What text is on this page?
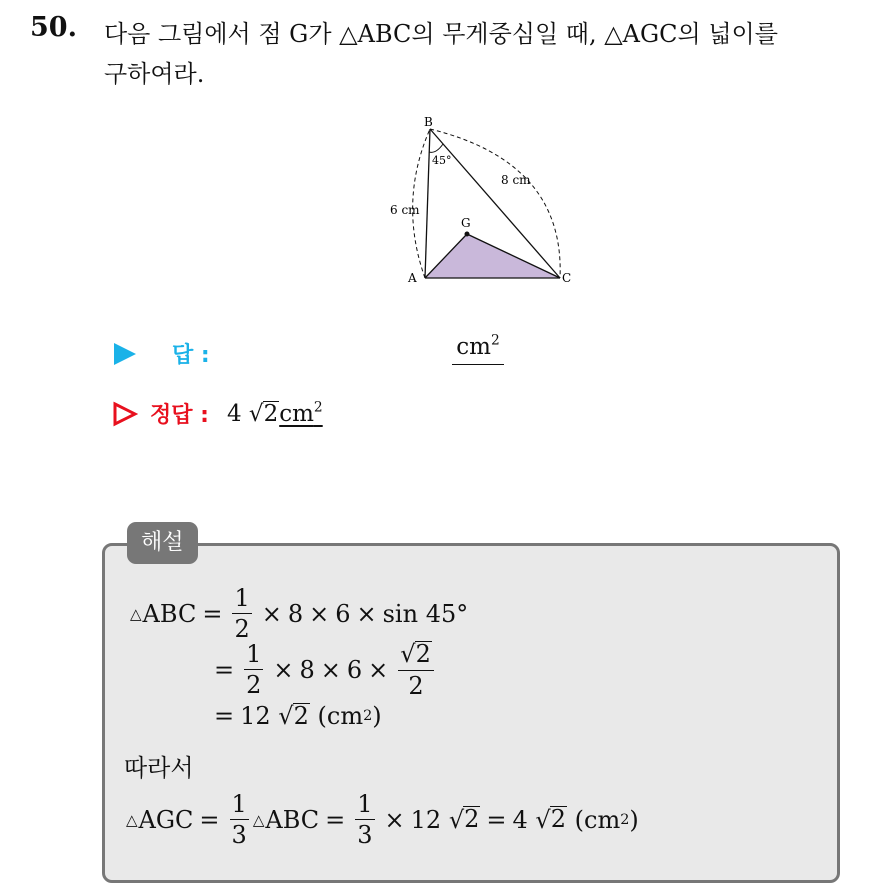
50. 다음 그림에서 점 G가 △ABC의 무게중심일 때, △AGC의 넓이를
구하여라.
B
A	C
G
45°
6 cm
8 cm
답 :	$cm^2$
정답 : 4 $√2cm^2$
해설
△ ABC = $\frac{1}{2} \times 8 \times 6 \times \sin 45^\circ$
= $\frac{1}{2} \times 8 \times 6 \times \frac{√2}{2}$
= 12 √ 2
( cm 2 )
따라서
△ AGC = $\frac{1}{3}$ △ ABC = $\frac{1}{3} \times 12$ √ 2 = 4 √ 2
( cm 2 )
